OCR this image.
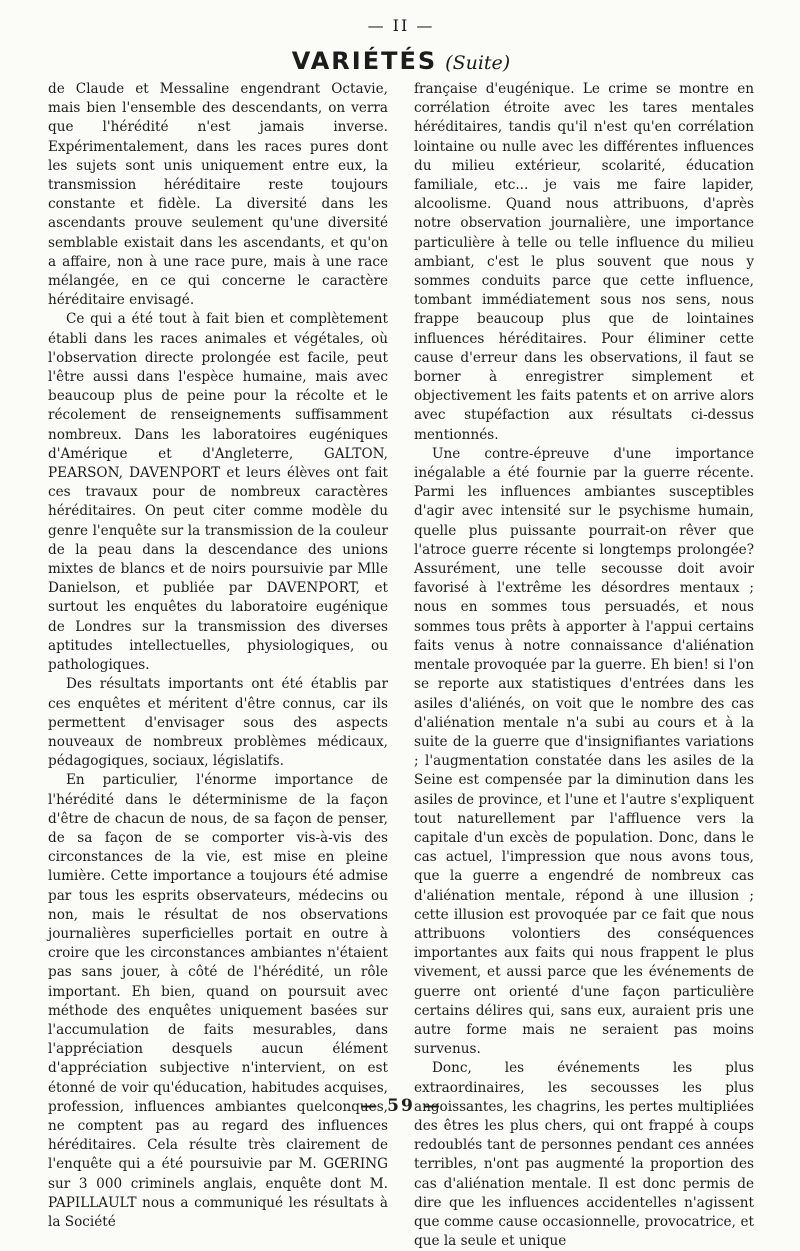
— II —
VARIÉTÉS (Suite)

de Claude et Messaline engendrant Octavie, mais bien l'ensemble des descendants, on verra que l'hérédité n'est jamais inverse. Expérimentalement, dans les races pures dont les sujets sont unis uniquement entre eux, la transmission héréditaire reste toujours constante et fidèle. La diversité dans les ascendants prouve seulement qu'une diversité semblable existait dans les ascendants, et qu'on a affaire, non à une race pure, mais à une race mélangée, en ce qui concerne le caractère héréditaire envisagé.

Ce qui a été tout à fait bien et complètement établi dans les races animales et végétales, où l'observation directe prolongée est facile, peut l'être aussi dans l'espèce humaine, mais avec beaucoup plus de peine pour la récolte et le récolement de renseignements suffisamment nombreux. Dans les laboratoires eugéniques d'Amérique et d'Angleterre, GALTON, PEARSON, DAVENPORT et leurs élèves ont fait ces travaux pour de nombreux caractères héréditaires. On peut citer comme modèle du genre l'enquête sur la transmission de la couleur de la peau dans la descendance des unions mixtes de blancs et de noirs poursuivie par Mlle Danielson, et publiée par DAVENPORT, et surtout les enquêtes du laboratoire eugénique de Londres sur la transmission des diverses aptitudes intellectuelles, physiologiques, ou pathologiques.

Des résultats importants ont été établis par ces enquêtes et méritent d'être connus, car ils permettent d'envisager sous des aspects nouveaux de nombreux problèmes médicaux, pédagogiques, sociaux, législatifs.

En particulier, l'énorme importance de l'hérédité dans le déterminisme de la façon d'être de chacun de nous, de sa façon de penser, de sa façon de se comporter vis-à-vis des circonstances de la vie, est mise en pleine lumière. Cette importance a toujours été admise par tous les esprits observateurs, médecins ou non, mais le résultat de nos observations journalières superficielles portait en outre à croire que les circonstances ambiantes n'étaient pas sans jouer, à côté de l'hérédité, un rôle important. Eh bien, quand on poursuit avec méthode des enquêtes uniquement basées sur l'accumulation de faits mesurables, dans l'appréciation desquels aucun élément d'appréciation subjective n'intervient, on est étonné de voir qu'éducation, habitudes acquises, profession, influences ambiantes quelconques, ne comptent pas au regard des influences héréditaires. Cela résulte très clairement de l'enquête qui a été poursuivie par M. GŒRING sur 3 000 criminels anglais, enquête dont M. PAPILLAULT nous a communiqué les résultats à la Société

française d'eugénique. Le crime se montre en corrélation étroite avec les tares mentales héréditaires, tandis qu'il n'est qu'en corrélation lointaine ou nulle avec les différentes influences du milieu extérieur, scolarité, éducation familiale, etc... je vais me faire lapider, alcoolisme. Quand nous attribuons, d'après notre observation journalière, une importance particulière à telle ou telle influence du milieu ambiant, c'est le plus souvent que nous y sommes conduits parce que cette influence, tombant immédiatement sous nos sens, nous frappe beaucoup plus que de lointaines influences héréditaires. Pour éliminer cette cause d'erreur dans les observations, il faut se borner à enregistrer simplement et objectivement les faits patents et on arrive alors avec stupéfaction aux résultats ci-dessus mentionnés.

Une contre-épreuve d'une importance inégalable a été fournie par la guerre récente. Parmi les influences ambiantes susceptibles d'agir avec intensité sur le psychisme humain, quelle plus puissante pourrait-on rêver que l'atroce guerre récente si longtemps prolongée? Assurément, une telle secousse doit avoir favorisé à l'extrême les désordres mentaux ; nous en sommes tous persuadés, et nous sommes tous prêts à apporter à l'appui certains faits venus à notre connaissance d'aliénation mentale provoquée par la guerre. Eh bien! si l'on se reporte aux statistiques d'entrées dans les asiles d'aliénés, on voit que le nombre des cas d'aliénation mentale n'a subi au cours et à la suite de la guerre que d'insignifiantes variations ; l'augmentation constatée dans les asiles de la Seine est compensée par la diminution dans les asiles de province, et l'une et l'autre s'expliquent tout naturellement par l'affluence vers la capitale d'un excès de population. Donc, dans le cas actuel, l'impression que nous avons tous, que la guerre a engendré de nombreux cas d'aliénation mentale, répond à une illusion ; cette illusion est provoquée par ce fait que nous attribuons volontiers des conséquences importantes aux faits qui nous frappent le plus vivement, et aussi parce que les événements de guerre ont orienté d'une façon particulière certains délires qui, sans eux, auraient pris une autre forme mais ne seraient pas moins survenus.

Donc, les événements les plus extraordinaires, les secousses les plus angoissantes, les chagrins, les pertes multipliées des êtres les plus chers, qui ont frappé à coups redoublés tant de personnes pendant ces années terribles, n'ont pas augmenté la proportion des cas d'aliénation mentale. Il est donc permis de dire que les influences accidentelles n'agissent que comme cause occasionnelle, provocatrice, et que la seule et unique

— 59 —
